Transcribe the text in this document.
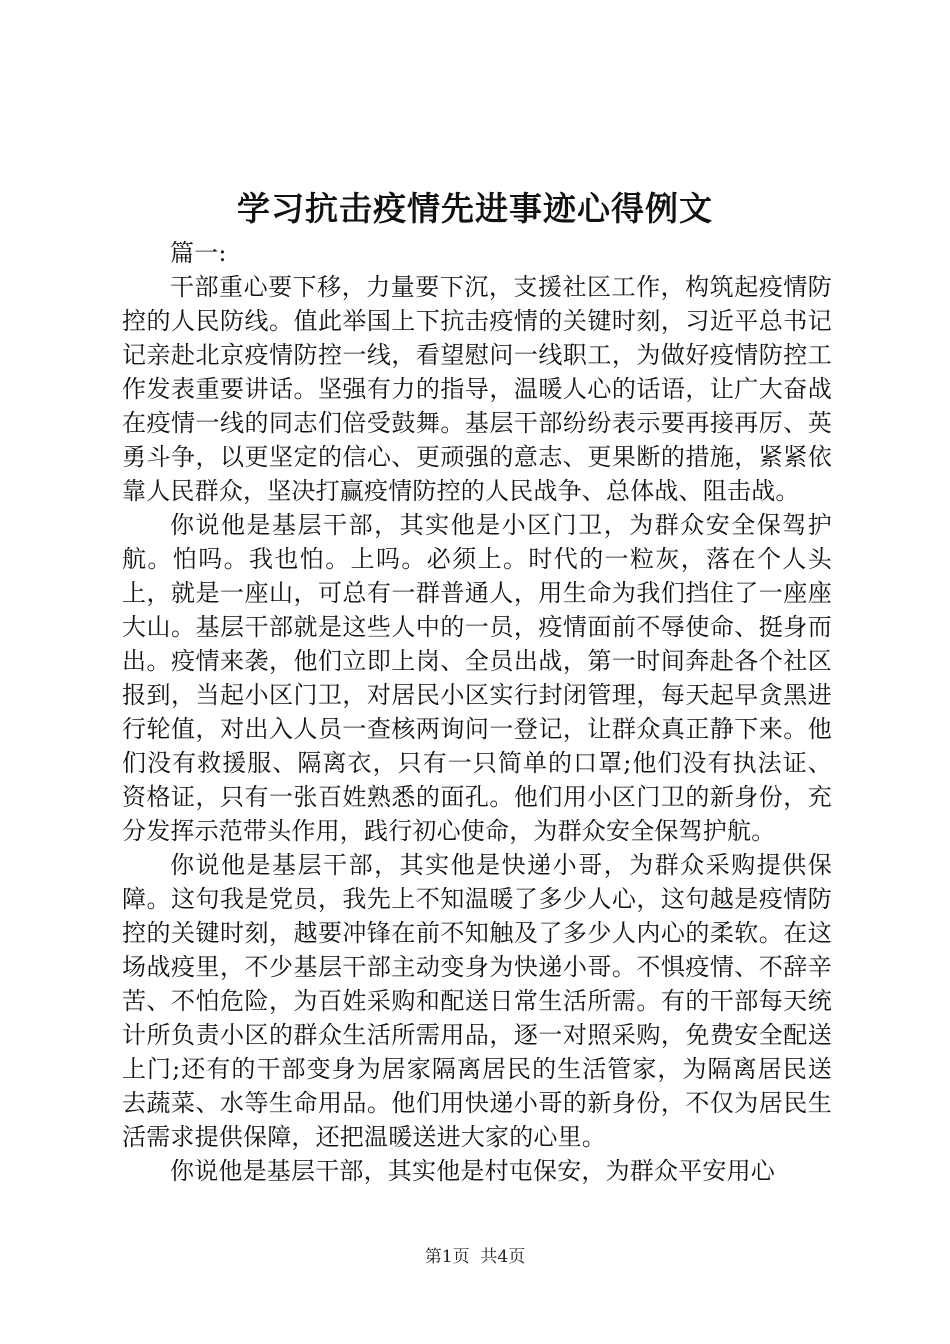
学习抗击疫情先进事迹心得例文

篇一:

干部重心要下移，力量要下沉，支援社区工作，构筑起疫情防控的人民防线。值此举国上下抗击疫情的关键时刻，习近平总书记记亲赴北京疫情防控一线，看望慰问一线职工，为做好疫情防控工作发表重要讲话。坚强有力的指导，温暖人心的话语，让广大奋战在疫情一线的同志们倍受鼓舞。基层干部纷纷表示要再接再厉、英勇斗争，以更坚定的信心、更顽强的意志、更果断的措施，紧紧依靠人民群众，坚决打赢疫情防控的人民战争、总体战、阻击战。

你说他是基层干部，其实他是小区门卫，为群众安全保驾护航。怕吗。我也怕。上吗。必须上。时代的一粒灰，落在个人头上，就是一座山，可总有一群普通人，用生命为我们挡住了一座座大山。基层干部就是这些人中的一员，疫情面前不辱使命、挺身而出。疫情来袭，他们立即上岗、全员出战，第一时间奔赴各个社区报到，当起小区门卫，对居民小区实行封闭管理，每天起早贪黑进行轮值，对出入人员一查核两询问一登记，让群众真正静下来。他们没有救援服、隔离衣，只有一只简单的口罩;他们没有执法证、资格证，只有一张百姓熟悉的面孔。他们用小区门卫的新身份，充分发挥示范带头作用，践行初心使命，为群众安全保驾护航。

你说他是基层干部，其实他是快递小哥，为群众采购提供保障。这句我是党员，我先上不知温暖了多少人心，这句越是疫情防控的关键时刻，越要冲锋在前不知触及了多少人内心的柔软。在这场战疫里，不少基层干部主动变身为快递小哥。不惧疫情、不辞辛苦、不怕危险，为百姓采购和配送日常生活所需。有的干部每天统计所负责小区的群众生活所需用品，逐一对照采购，免费安全配送上门;还有的干部变身为居家隔离居民的生活管家，为隔离居民送去蔬菜、水等生命用品。他们用快递小哥的新身份，不仅为居民生活需求提供保障，还把温暖送进大家的心里。

你说他是基层干部，其实他是村屯保安，为群众平安用心

第1页  共4页
